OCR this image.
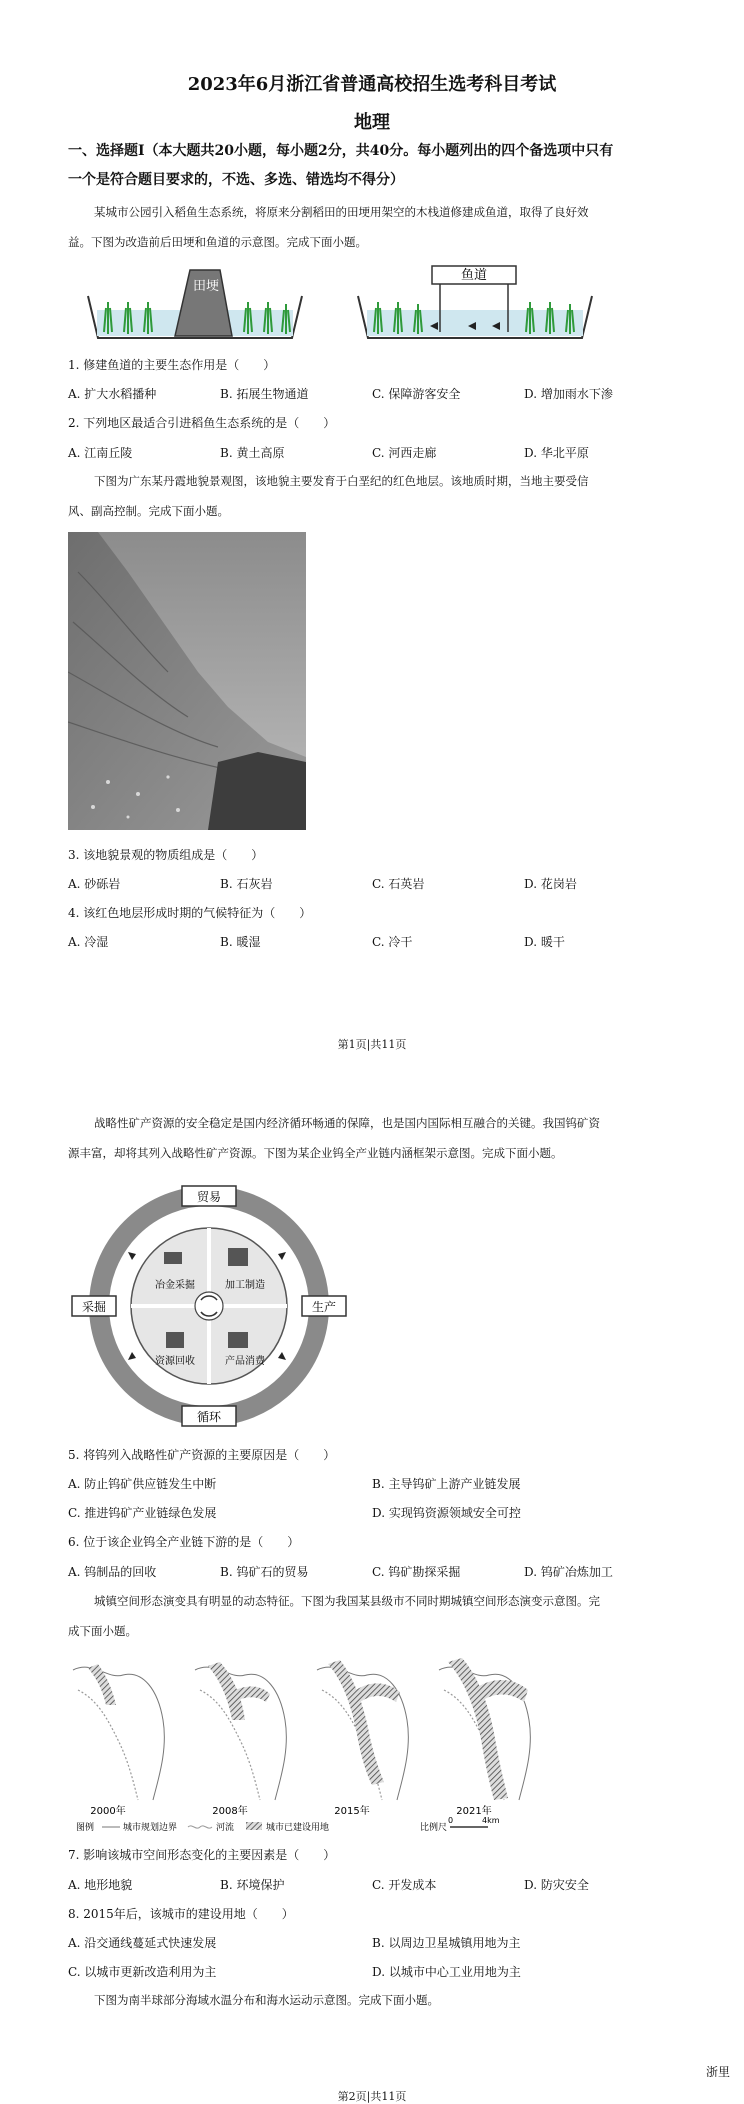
2023年6月浙江省普通高校招生选考科目考试
地理
一、选择题Ⅰ（本大题共20小题，每小题2分，共40分。每小题列出的四个备选项中只有
一个是符合题目要求的，不选、多选、错选均不得分）
某城市公园引入稻鱼生态系统，将原来分割稻田的田埂用架空的木栈道修建成鱼道，取得了良好效
益。下图为改造前后田埂和鱼道的示意图。完成下面小题。
田埂
鱼道
1. 修建鱼道的主要生态作用是（　　）
A. 扩大水稻播种	B. 拓展生物通道	C. 保障游客安全	D. 增加雨水下渗
2. 下列地区最适合引进稻鱼生态系统的是（　　）
A. 江南丘陵	B. 黄土高原	C. 河西走廊	D. 华北平原
下图为广东某丹霞地貌景观图，该地貌主要发育于白垩纪的红色地层。该地质时期，当地主要受信
风、副高控制。完成下面小题。
3. 该地貌景观的物质组成是（　　）
A. 砂砾岩	B. 石灰岩	C. 石英岩	D. 花岗岩
4. 该红色地层形成时期的气候特征为（　　）
A. 冷湿	B. 暖湿	C. 冷干	D. 暖干
第1页|共11页
战略性矿产资源的安全稳定是国内经济循环畅通的保障，也是国内国际相互融合的关键。我国钨矿资
源丰富，却将其列入战略性矿产资源。下图为某企业钨全产业链内涵框架示意图。完成下面小题。
贸易
采掘	生产
循环
冶金采掘	加工制造
资源回收	产品消费
5. 将钨列入战略性矿产资源的主要原因是（　　）
A. 防止钨矿供应链发生中断	B. 主导钨矿上游产业链发展
C. 推进钨矿产业链绿色发展	D. 实现钨资源领域安全可控
6. 位于该企业钨全产业链下游的是（　　）
A. 钨制品的回收	B. 钨矿石的贸易	C. 钨矿勘探采掘	D. 钨矿冶炼加工
城镇空间形态演变具有明显的动态特征。下图为我国某县级市不同时期城镇空间形态演变示意图。完
成下面小题。
2000年	2008年	2015年	2021年
图例	城市规划边界	河流	城市已建设用地	比例尺
0	4km
7. 影响该城市空间形态变化的主要因素是（　　）
A. 地形地貌	B. 环境保护	C. 开发成本	D. 防灾安全
8. 2015年后，该城市的建设用地（　　）
A. 沿交通线蔓延式快速发展	B. 以周边卫星城镇用地为主
C. 以城市更新改造利用为主	D. 以城市中心工业用地为主
下图为南半球部分海域水温分布和海水运动示意图。完成下面小题。
浙里
第2页|共11页
